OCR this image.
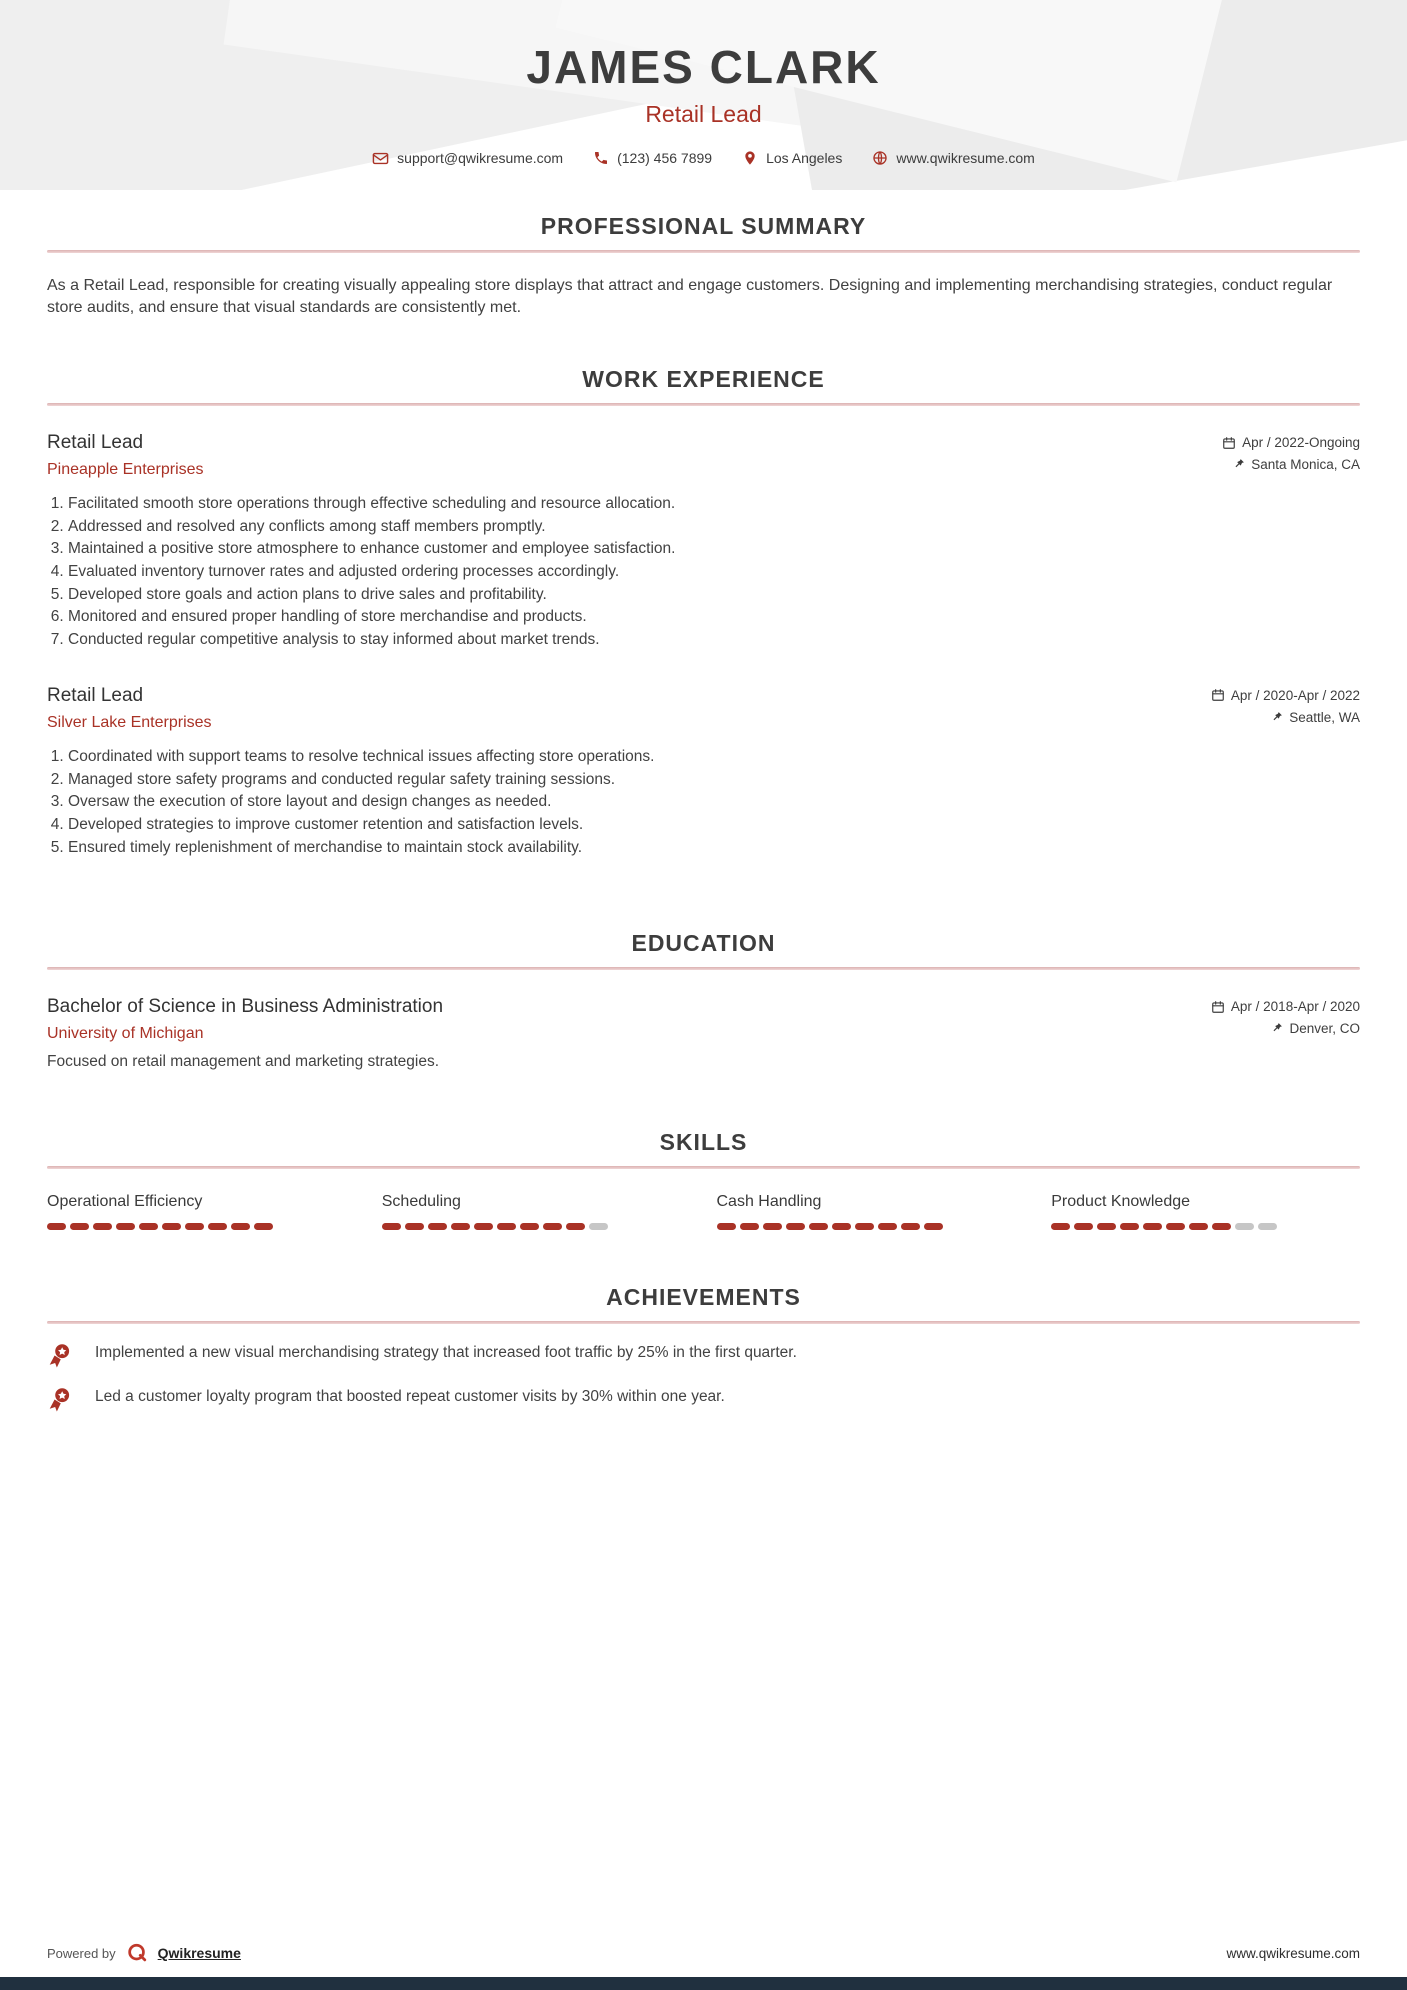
JAMES CLARK
Retail Lead
support@qwikresume.com	(123) 456 7899	Los Angeles	www.qwikresume.com
PROFESSIONAL SUMMARY

As a Retail Lead, responsible for creating visually appealing store displays that attract and engage customers. Designing and implementing merchandising strategies, conduct regular store audits, and ensure that visual standards are consistently met.

WORK EXPERIENCE
Retail Lead
Pineapple Enterprises
Apr / 2022-Ongoing
Santa Monica, CA
1. Facilitated smooth store operations through effective scheduling and resource allocation.
2. Addressed and resolved any conflicts among staff members promptly.
3. Maintained a positive store atmosphere to enhance customer and employee satisfaction.
4. Evaluated inventory turnover rates and adjusted ordering processes accordingly.
5. Developed store goals and action plans to drive sales and profitability.
6. Monitored and ensured proper handling of store merchandise and products.
7. Conducted regular competitive analysis to stay informed about market trends.
Retail Lead
Silver Lake Enterprises
Apr / 2020-Apr / 2022
Seattle, WA
1. Coordinated with support teams to resolve technical issues affecting store operations.
2. Managed store safety programs and conducted regular safety training sessions.
3. Oversaw the execution of store layout and design changes as needed.
4. Developed strategies to improve customer retention and satisfaction levels.
5. Ensured timely replenishment of merchandise to maintain stock availability.
EDUCATION
Bachelor of Science in Business Administration
University of Michigan
Apr / 2018-Apr / 2020
Denver, CO
Focused on retail management and marketing strategies.
SKILLS
Operational Efficiency	Scheduling	Cash Handling	Product Knowledge
ACHIEVEMENTS
Implemented a new visual merchandising strategy that increased foot traffic by 25% in the first quarter.
Led a customer loyalty program that boosted repeat customer visits by 30% within one year.
Powered by	Qwikresume	www.qwikresume.com
